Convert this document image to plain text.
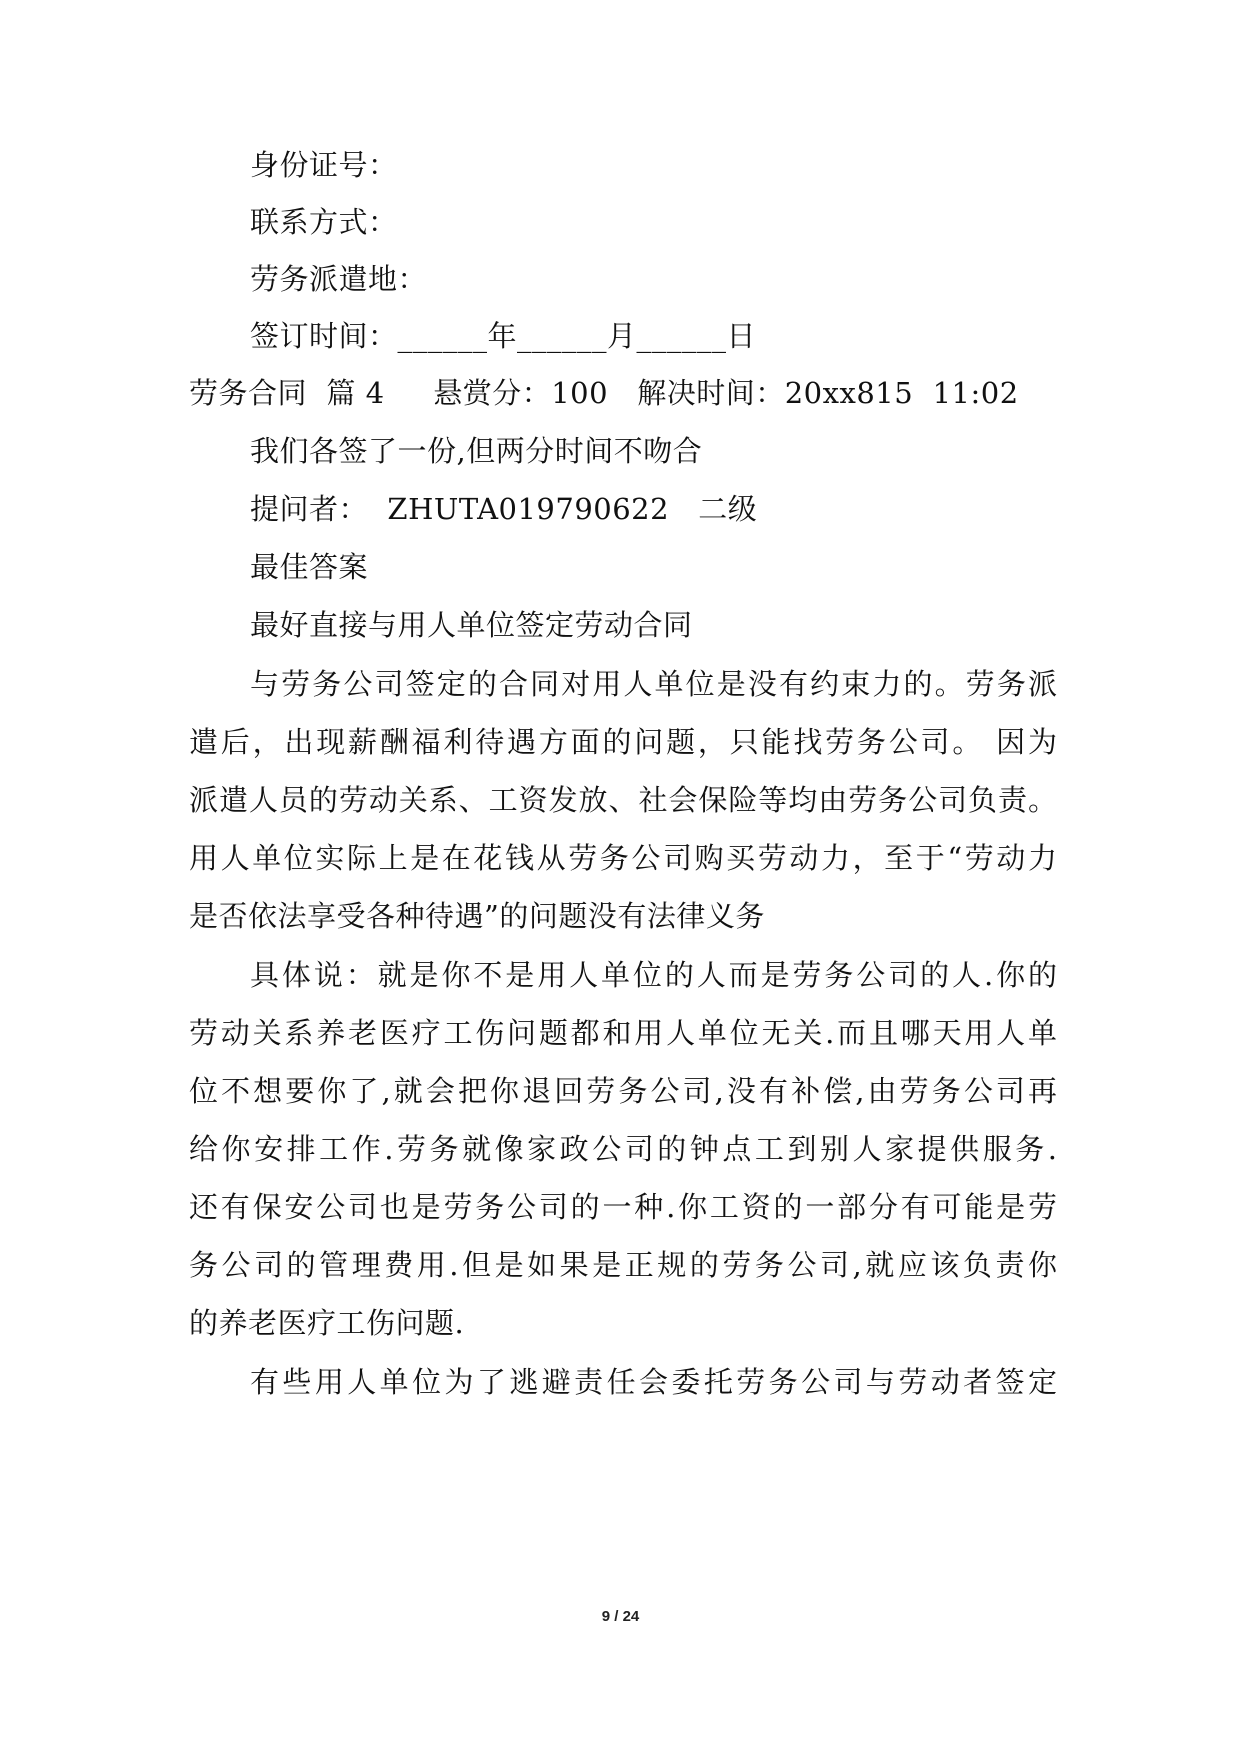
身份证号：
联系方式：
劳务派遣地：
签订时间：______年______月______日
劳务合同  篇 4     悬赏分：100   解决时间：20xx815  11:02
我们各签了一份,但两分时间不吻合
提问者：  ZHUTA019790622   二级
最佳答案
最好直接与用人单位签定劳动合同
与劳务公司签定的合同对用人单位是没有约束力的。劳务派
遣后，出现薪酬福利待遇方面的问题，只能找劳务公司。 因为
派遣人员的劳动关系、工资发放、社会保险等均由劳务公司负责。
用人单位实际上是在花钱从劳务公司购买劳动力，至于“劳动力
是否依法享受各种待遇”的问题没有法律义务
具体说：就是你不是用人单位的人而是劳务公司的人.你的
劳动关系养老医疗工伤问题都和用人单位无关.而且哪天用人单
位不想要你了,就会把你退回劳务公司,没有补偿,由劳务公司再
给你安排工作.劳务就像家政公司的钟点工到别人家提供服务.
还有保安公司也是劳务公司的一种.你工资的一部分有可能是劳
务公司的管理费用.但是如果是正规的劳务公司,就应该负责你
的养老医疗工伤问题.
有些用人单位为了逃避责任会委托劳务公司与劳动者签定
9 / 24
